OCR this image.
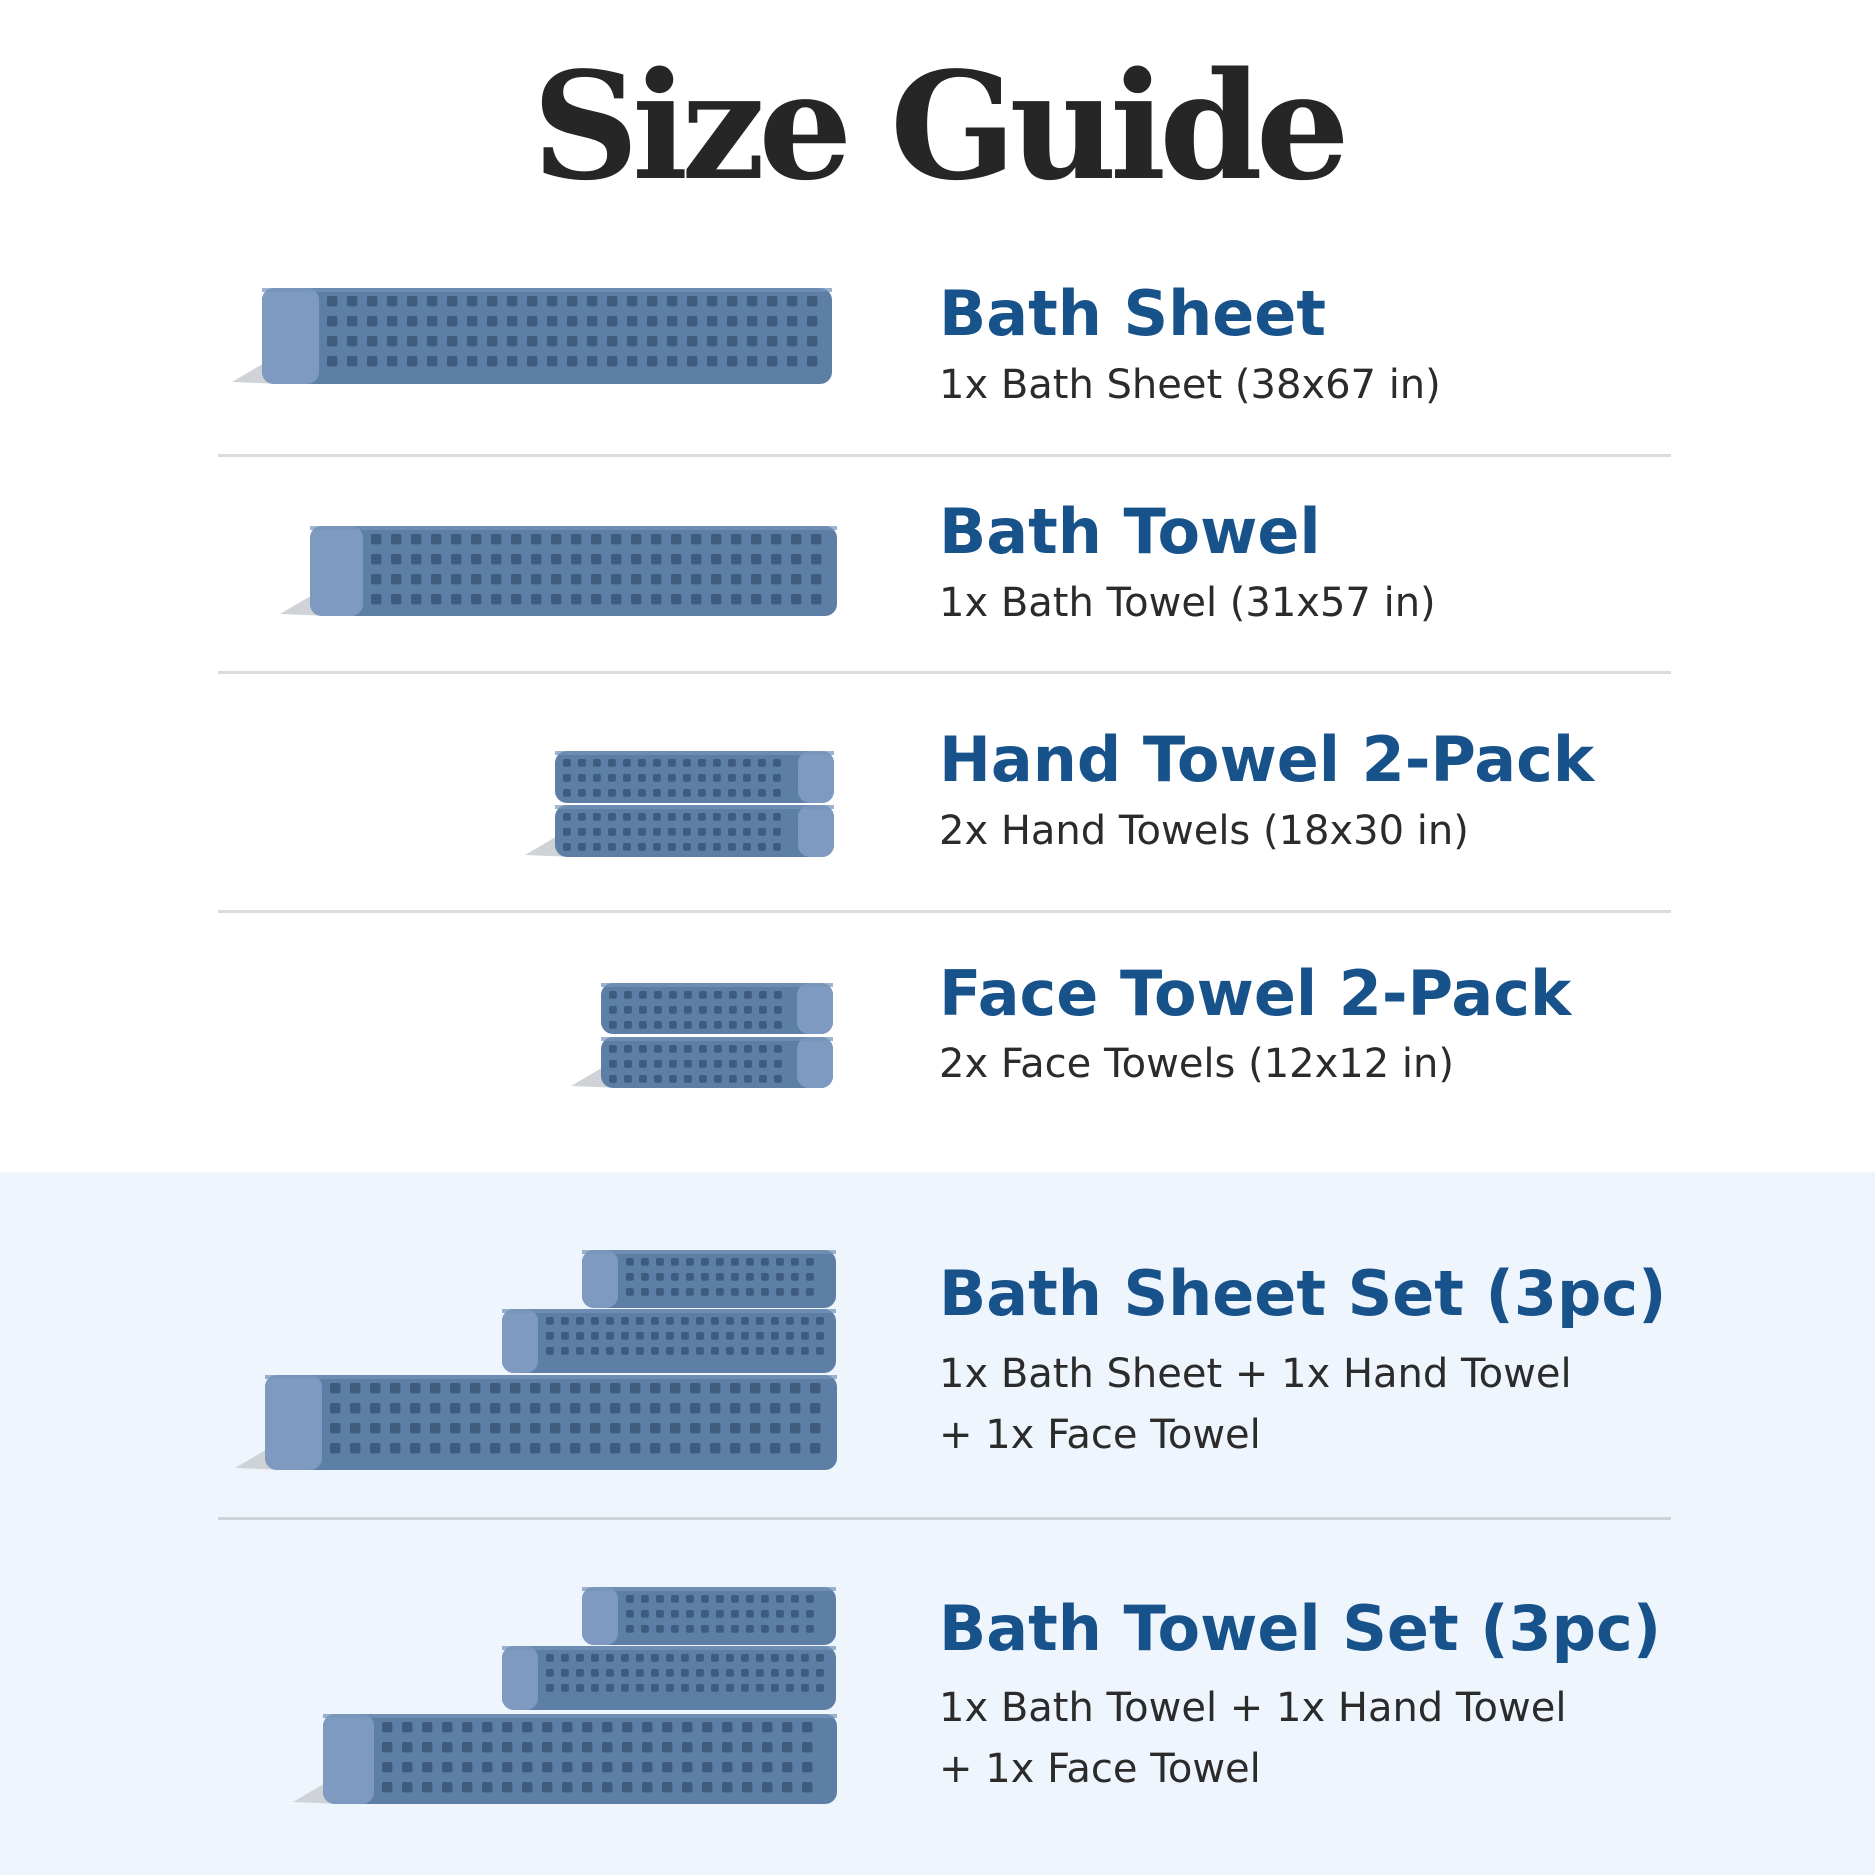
Size Guide
Bath Sheet
1x Bath Sheet (38x67 in)
Bath Towel
1x Bath Towel (31x57 in)
Hand Towel 2-Pack
2x Hand Towels (18x30 in)
Face Towel 2-Pack
2x Face Towels (12x12 in)
Bath Sheet Set (3pc)
1x Bath Sheet + 1x Hand Towel
+ 1x Face Towel
Bath Towel Set (3pc)
1x Bath Towel + 1x Hand Towel
+ 1x Face Towel
